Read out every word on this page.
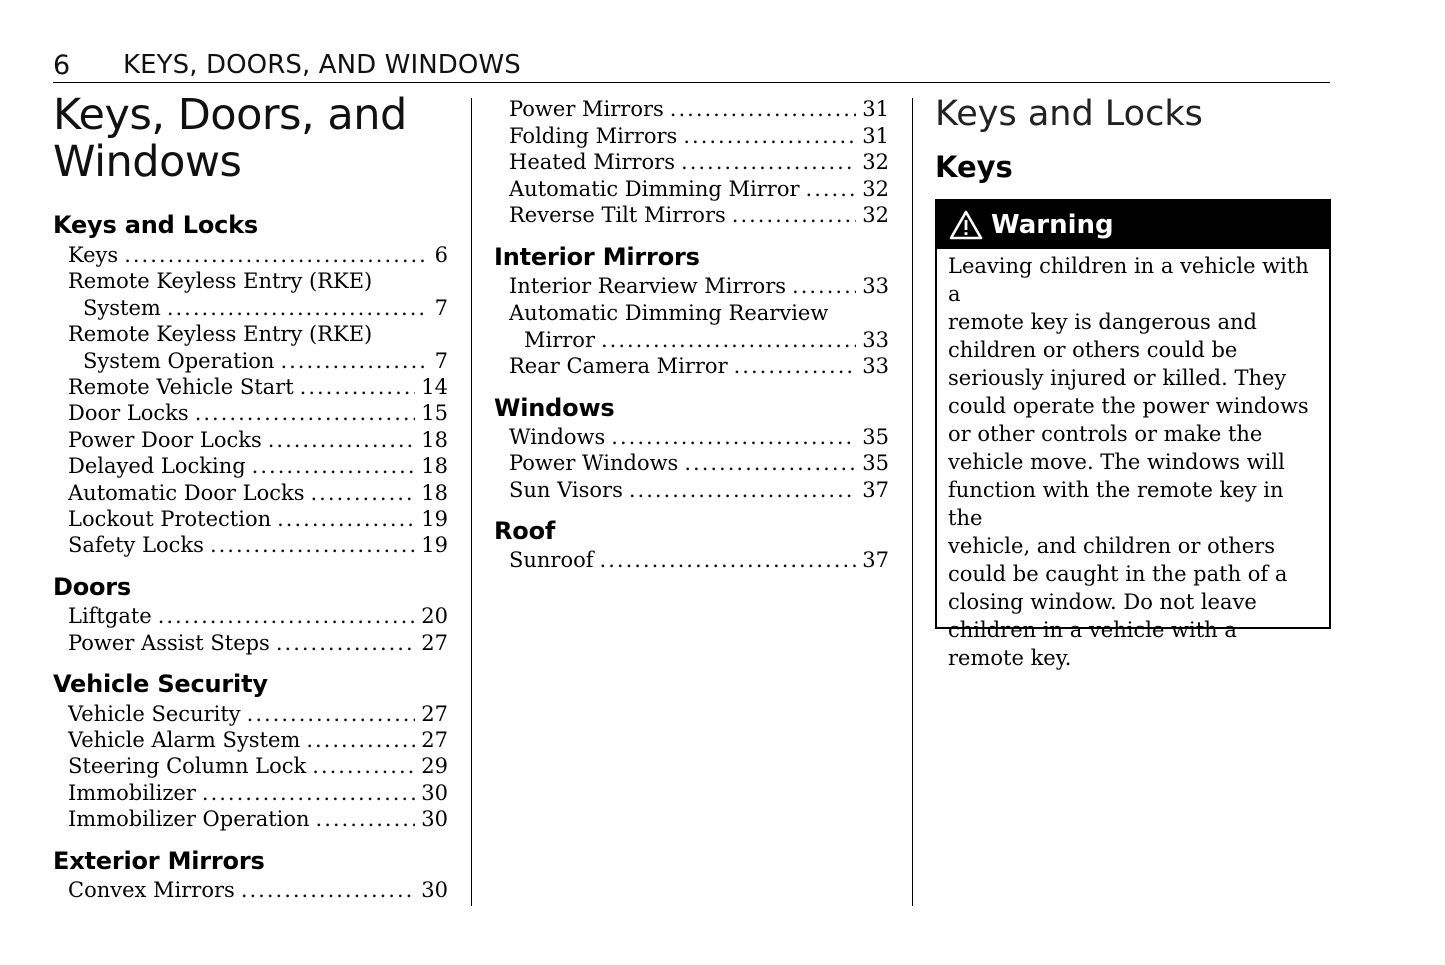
6 KEYS, DOORS, AND WINDOWS
Keys, Doors, and
Windows
Keys and Locks
Keys .....	6
Remote Keyless Entry (RKE)
System .....	7
Remote Keyless Entry (RKE)
System Operation .....	7
Remote Vehicle Start .....	14
Door Locks .....	15
Power Door Locks .....	18
Delayed Locking .....	18
Automatic Door Locks .....	18
Lockout Protection .....	19
Safety Locks .....	19
Doors
Liftgate .....	20
Power Assist Steps .....	27
Vehicle Security
Vehicle Security .....	27
Vehicle Alarm System .....	27
Steering Column Lock .....	29
Immobilizer .....	30
Immobilizer Operation .....	30
Exterior Mirrors
Convex Mirrors .....	30
Power Mirrors .....	31
Folding Mirrors .....	31
Heated Mirrors .....	32
Automatic Dimming Mirror .....	32
Reverse Tilt Mirrors .....	32
Interior Mirrors
Interior Rearview Mirrors .....	33
Automatic Dimming Rearview
Mirror .....	33
Rear Camera Mirror .....	33
Windows
Windows .....	35
Power Windows .....	35
Sun Visors .....	37
Roof
Sunroof .....	37
Keys and Locks
Keys
Warning

Leaving children in a vehicle with a
remote key is dangerous and
children or others could be
seriously injured or killed. They
could operate the power windows
or other controls or make the
vehicle move. The windows will
function with the remote key in the
vehicle, and children or others
could be caught in the path of a
closing window. Do not leave
children in a vehicle with a
remote key.
